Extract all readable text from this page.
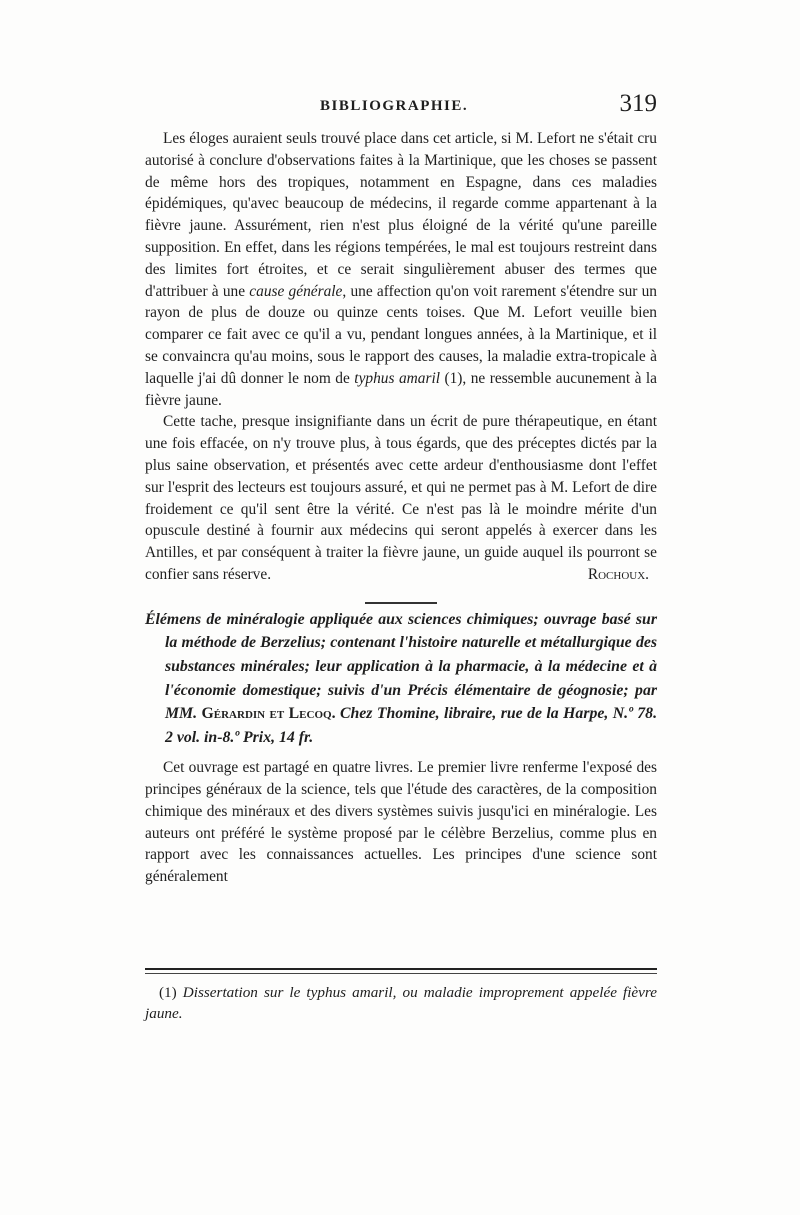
BIBLIOGRAPHIE.	319

Les éloges auraient seuls trouvé place dans cet article, si M. Lefort ne s'était cru autorisé à conclure d'observations faites à la Martinique, que les choses se passent de même hors des tropiques, notamment en Espagne, dans ces maladies épidémiques, qu'avec beaucoup de médecins, il regarde comme appartenant à la fièvre jaune. Assurément, rien n'est plus éloigné de la vérité qu'une pareille supposition. En effet, dans les régions tempérées, le mal est toujours restreint dans des limites fort étroites, et ce serait singulièrement abuser des termes que d'attribuer à une cause générale, une affection qu'on voit rarement s'étendre sur un rayon de plus de douze ou quinze cents toises. Que M. Lefort veuille bien comparer ce fait avec ce qu'il a vu, pendant longues années, à la Martinique, et il se convaincra qu'au moins, sous le rapport des causes, la maladie extra-tropicale à laquelle j'ai dû donner le nom de typhus amaril (1), ne ressemble aucunement à la fièvre jaune.

Cette tache, presque insignifiante dans un écrit de pure thérapeutique, en étant une fois effacée, on n'y trouve plus, à tous égards, que des préceptes dictés par la plus saine observation, et présentés avec cette ardeur d'enthousiasme dont l'effet sur l'esprit des lecteurs est toujours assuré, et qui ne permet pas à M. Lefort de dire froidement ce qu'il sent être la vérité. Ce n'est pas là le moindre mérite d'un opuscule destiné à fournir aux médecins qui seront appelés à exercer dans les Antilles, et par conséquent à traiter la fièvre jaune, un guide auquel ils pourront se confier sans réserve.	Rochoux.

Élémens de minéralogie appliquée aux sciences chimiques; ouvrage basé sur la méthode de Berzelius; contenant l'histoire naturelle et métallurgique des substances minérales; leur application à la pharmacie, à la médecine et à l'économie domestique; suivis d'un Précis élémentaire de géognosie; par MM. Gérardin et Lecoq. Chez Thomine, libraire, rue de la Harpe, N.º 78. 2 vol. in-8.º Prix, 14 fr.

Cet ouvrage est partagé en quatre livres. Le premier livre renferme l'exposé des principes généraux de la science, tels que l'étude des caractères, de la composition chimique des minéraux et des divers systèmes suivis jusqu'ici en minéralogie. Les auteurs ont préféré le système proposé par le célèbre Berzelius, comme plus en rapport avec les connaissances actuelles. Les principes d'une science sont généralement

(1) Dissertation sur le typhus amaril, ou maladie improprement appelée fièvre jaune.
